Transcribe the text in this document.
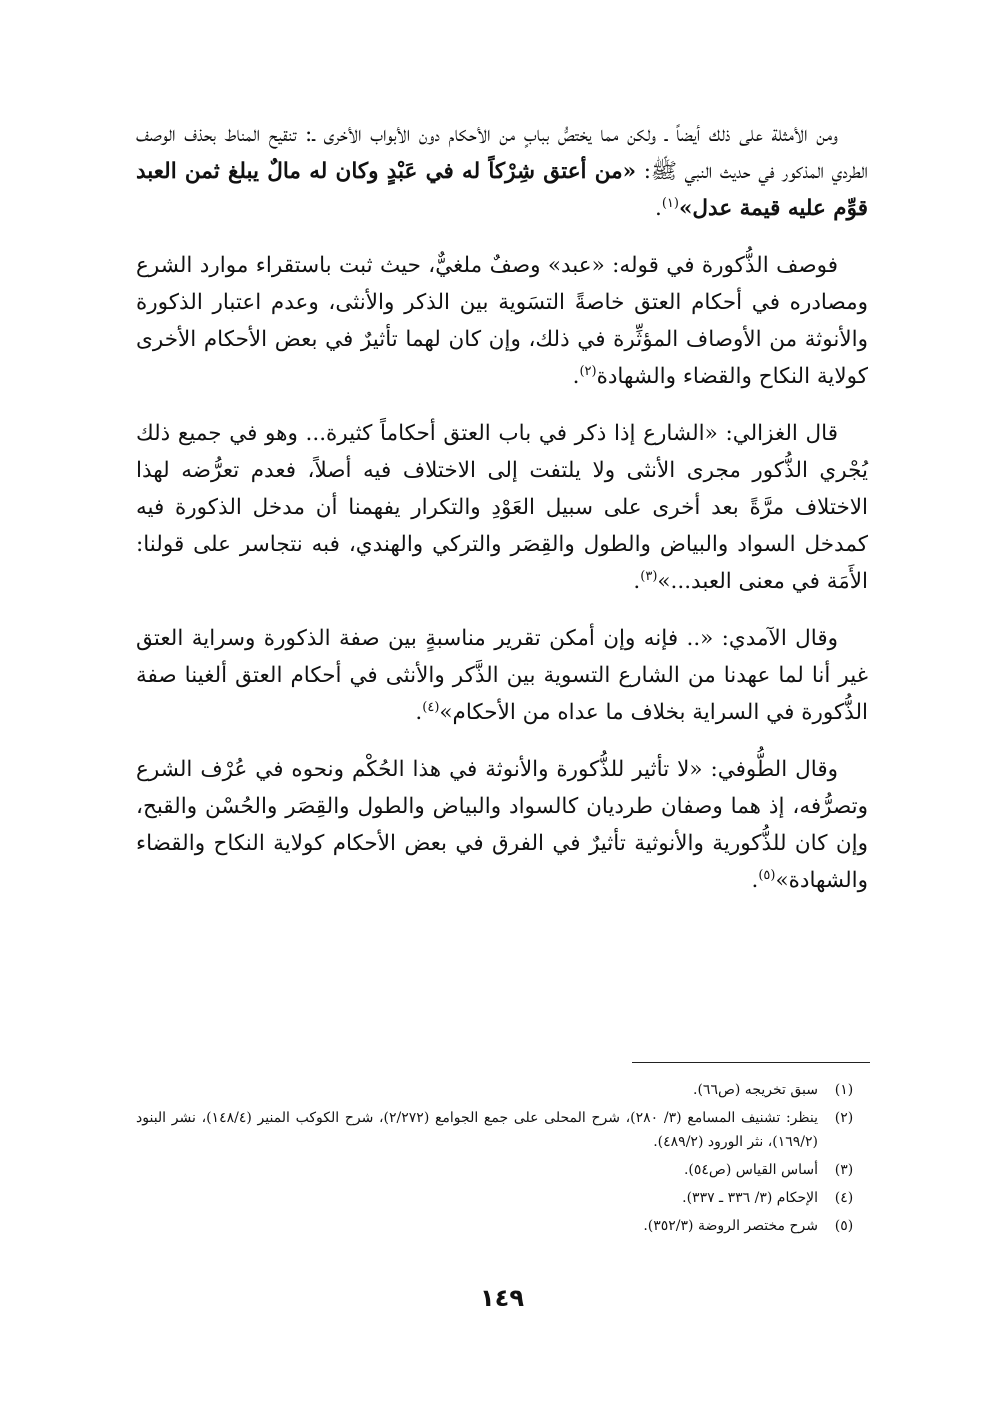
ومن الأمثلة على ذلك أيضاً ـ ولكن مما يختصُّ ببابٍ من الأحكام دون الأبواب الأخرى ـ: تنقيح المناط بحذف الوصف الطردي المذكور في حديث النبي ﷺ: «من أعتق شِرْكاً له في عَبْدٍ وكان له مالٌ يبلغ ثمن العبد قوِّم عليه قيمة عدل»$^{(١)}$.

فوصف الذُّكورة في قوله: «عبد» وصفٌ ملغيٌّ، حيث ثبت باستقراء موارد الشرع ومصادره في أحكام العتق خاصةً التسَوية بين الذكر والأنثى، وعدم اعتبار الذكورة والأنوثة من الأوصاف المؤثِّرة في ذلك، وإن كان لهما تأثيرٌ في بعض الأحكام الأخرى كولاية النكاح والقضاء والشهادة$^{(٢)}$.

قال الغزالي: «الشارع إذا ذكر في باب العتق أحكاماً كثيرة... وهو في جميع ذلك يُجْري الذُّكور مجرى الأنثى ولا يلتفت إلى الاختلاف فيه أصلاً، فعدم تعرُّضه لهذا الاختلاف مرَّةً بعد أخرى على سبيل العَوْدِ والتكرار يفهمنا أن مدخل الذكورة فيه كمدخل السواد والبياض والطول والقِصَر والتركي والهندي، فبه نتجاسر على قولنا: الأَمَة في معنى العبد...»$^{(٣)}$.

وقال الآمدي: «.. فإنه وإن أمكن تقرير مناسبةٍ بين صفة الذكورة وسراية العتق غير أنا لما عهدنا من الشارع التسوية بين الذَّكر والأنثى في أحكام العتق ألغينا صفة الذُّكورة في السراية بخلاف ما عداه من الأحكام»$^{(٤)}$.

وقال الطُّوفي: «لا تأثير للذُّكورة والأنوثة في هذا الحُكْم ونحوه في عُرْف الشرع وتصرُّفه، إذ هما وصفان طرديان كالسواد والبياض والطول والقِصَر والحُسْن والقبح، وإن كان للذُّكورية والأنوثية تأثيرٌ في الفرق في بعض الأحكام كولاية النكاح والقضاء والشهادة»$^{(٥)}$.

(١)
سبق تخريجه (ص٦٦).
(٢)
ينظر: تشنيف المسامع (٣/ ٢٨٠)، شرح المحلى على جمع الجوامع (٢/٢٧٢)، شرح الكوكب المنير (١٤٨/٤)، نشر البنود (١٦٩/٢)، نثر الورود (٤٨٩/٢).
(٣)
أساس القياس (ص٥٤).
(٤)
الإحكام (٣/ ٣٣٦ ـ ٣٣٧).
(٥)
شرح مختصر الروضة (٣٥٢/٣).
١٤٩
